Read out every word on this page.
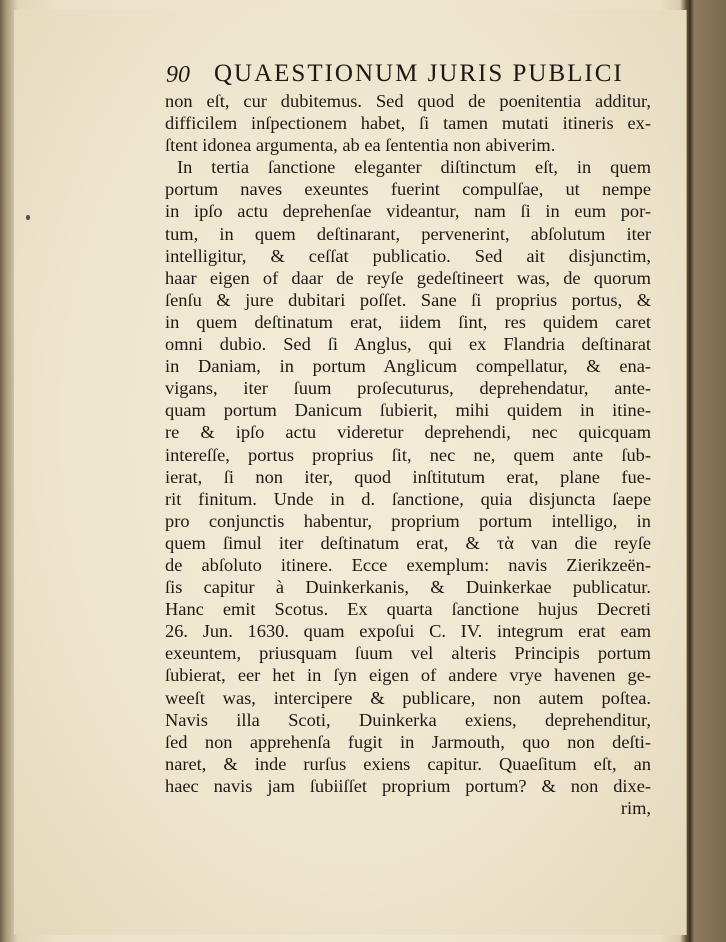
90 QUAESTIONUM JURIS PUBLICI
non eſt, cur dubitemus. Sed quod de poenitentia additur,
difficilem inſpectionem habet, ſi tamen mutati itineris ex-
ſtent idonea argumenta, ab ea ſententia non abiverim.
In tertia ſanctione eleganter diſtinctum eſt, in quem
portum naves exeuntes fuerint compulſae, ut nempe
in ipſo actu deprehenſae videantur, nam ſi in eum por-
tum, in quem deſtinarant, pervenerint, abſolutum iter
intelligitur, & ceſſat publicatio. Sed ait disjunctim,
haar eigen of daar de reyſe gedeſtineert was, de quorum
ſenſu & jure dubitari poſſet. Sane ſi proprius portus, &
in quem deſtinatum erat, iidem ſint, res quidem caret
omni dubio. Sed ſi Anglus, qui ex Flandria deſtinarat
in Daniam, in portum Anglicum compellatur, & ena-
vigans, iter ſuum proſecuturus, deprehendatur, ante-
quam portum Danicum ſubierit, mihi quidem in itine-
re & ipſo actu videretur deprehendi, nec quicquam
intereſſe, portus proprius ſit, nec ne, quem ante ſub-
ierat, ſi non iter, quod inſtitutum erat, plane fue-
rit finitum. Unde in d. ſanctione, quia disjuncta ſaepe
pro conjunctis habentur, proprium portum intelligo, in
quem ſimul iter deſtinatum erat, & τὰ van die reyſe
de abſoluto itinere. Ecce exemplum: navis Zierikzeën-
ſis capitur à Duinkerkanis, & Duinkerkae publicatur.
Hanc emit Scotus. Ex quarta ſanctione hujus Decreti
26. Jun. 1630. quam expoſui C. IV. integrum erat eam
exeuntem, priusquam ſuum vel alteris Principis portum
ſubierat, eer het in ſyn eigen of andere vrye havenen ge-
weeſt was, intercipere & publicare, non autem poſtea.
Navis illa Scoti, Duinkerka exiens, deprehenditur,
ſed non apprehenſa fugit in Jarmouth, quo non deſti-
naret, & inde rurſus exiens capitur. Quaeſitum eſt, an
haec navis jam ſubiiſſet proprium portum? & non dixe-
rim,
